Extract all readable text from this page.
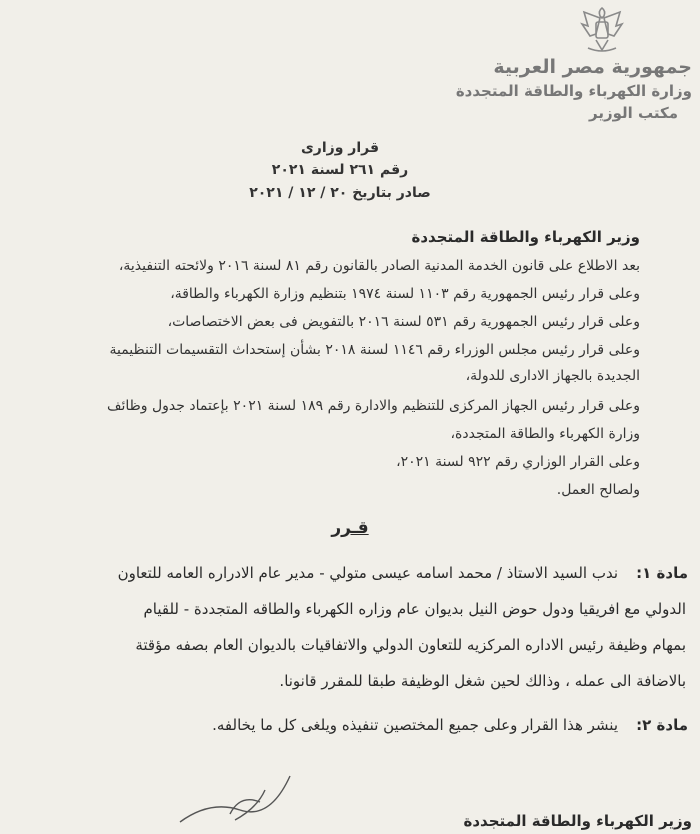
جمهورية مصر العربية
وزارة الكهرباء والطاقة المتجددة
مكتب الوزير
قرار وزارى
رقم ٢٦١ لسنة ٢٠٢١
صادر بتاريخ ٢٠ / ١٢ / ٢٠٢١
وزير الكهرباء والطاقة المتجددة
بعد الاطلاع على قانون الخدمة المدنية الصادر بالقانون رقم ٨١ لسنة ٢٠١٦ ولائحته التنفيذية،
وعلى قرار رئيس الجمهورية رقم ١١٠٣ لسنة ١٩٧٤ بتنظيم وزارة الكهرباء والطاقة،
وعلى قرار رئيس الجمهورية رقم ٥٣١ لسنة ٢٠١٦ بالتفويض فى بعض الاختصاصات،
وعلى قرار رئيس مجلس الوزراء رقم ١١٤٦ لسنة ٢٠١٨ بشأن إستحداث التقسيمات التنظيمية
الجديدة بالجهاز الادارى للدولة،
وعلى قرار رئيس الجهاز المركزى للتنظيم والادارة رقم ١٨٩ لسنة ٢٠٢١ بإعتماد جدول وظائف
وزارة الكهرباء والطاقة المتجددة،
وعلى القرار الوزاري رقم ٩٢٢ لسنة ٢٠٢١،
ولصالح العمل.
قـرر
مادة ١:
ندب السيد الاستاذ / محمد اسامه عيسى متولي - مدير عام الادراره العامه للتعاون
الدولي مع افريقيا ودول حوض النيل بديوان عام وزاره الكهرباء والطاقه المتجددة - للقيام
بمهام وظيفة رئيس الاداره المركزيه للتعاون الدولي والاتفاقيات بالديوان العام بصفه مؤقتة
بالاضافة الى عمله ، وذالك لحين شغل الوظيفة طبقا للمقرر قانونا.
مادة ٢:
ينشر هذا القرار وعلى جميع المختصين تنفيذه ويلغى كل ما يخالفه.
وزير الكهرباء والطاقة المتجددة
